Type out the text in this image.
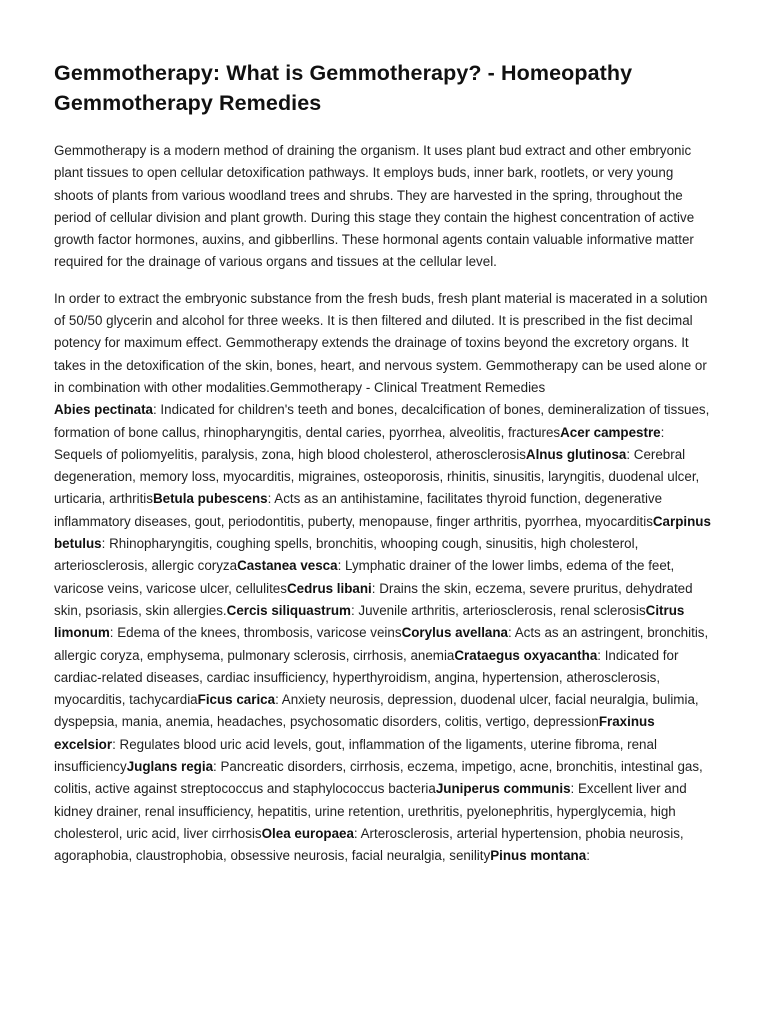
Gemmotherapy: What is Gemmotherapy? - Homeopathy Gemmotherapy Remedies

Gemmotherapy is a modern method of draining the organism. It uses plant bud extract and other embryonic plant tissues to open cellular detoxification pathways. It employs buds, inner bark, rootlets, or very young shoots of plants from various woodland trees and shrubs. They are harvested in the spring, throughout the period of cellular division and plant growth. During this stage they contain the highest concentration of active growth factor hormones, auxins, and gibberllins. These hormonal agents contain valuable informative matter required for the drainage of various organs and tissues at the cellular level.

In order to extract the embryonic substance from the fresh buds, fresh plant material is macerated in a solution of 50/50 glycerin and alcohol for three weeks. It is then filtered and diluted. It is prescribed in the fist decimal potency for maximum effect. Gemmotherapy extends the drainage of toxins beyond the excretory organs. It takes in the detoxification of the skin, bones, heart, and nervous system. Gemmotherapy can be used alone or in combination with other modalities.Gemmotherapy - Clinical Treatment Remedies

Abies pectinata: Indicated for children's teeth and bones, decalcification of bones, demineralization of tissues, formation of bone callus, rhinopharyngitis, dental caries, pyorrhea, alveolitis, fracturesAcer campestre: Sequels of poliomyelitis, paralysis, zona, high blood cholesterol, atherosclerosisAlnus glutinosa: Cerebral degeneration, memory loss, myocarditis, migraines, osteoporosis, rhinitis, sinusitis, laryngitis, duodenal ulcer, urticaria, arthritisBetula pubescens: Acts as an antihistamine, facilitates thyroid function, degenerative inflammatory diseases, gout, periodontitis, puberty, menopause, finger arthritis, pyorrhea, myocarditisCarpinus betulus: Rhinopharyngitis, coughing spells, bronchitis, whooping cough, sinusitis, high cholesterol, arteriosclerosis, allergic coryzaCastanea vesca: Lymphatic drainer of the lower limbs, edema of the feet, varicose veins, varicose ulcer, cellulitesCedrus libani: Drains the skin, eczema, severe pruritus, dehydrated skin, psoriasis, skin allergies.Cercis siliquastrum: Juvenile arthritis, arteriosclerosis, renal sclerosisCitrus limonum: Edema of the knees, thrombosis, varicose veinsCorylus avellana: Acts as an astringent, bronchitis, allergic coryza, emphysema, pulmonary sclerosis, cirrhosis, anemiaCrataegus oxyacantha: Indicated for cardiac-related diseases, cardiac insufficiency, hyperthyroidism, angina, hypertension, atherosclerosis, myocarditis, tachycardiaFicus carica: Anxiety neurosis, depression, duodenal ulcer, facial neuralgia, bulimia, dyspepsia, mania, anemia, headaches, psychosomatic disorders, colitis, vertigo, depressionFraxinus excelsior: Regulates blood uric acid levels, gout, inflammation of the ligaments, uterine fibroma, renal insufficiencyJuglans regia: Pancreatic disorders, cirrhosis, eczema, impetigo, acne, bronchitis, intestinal gas, colitis, active against streptococcus and staphylococcus bacteriaJuniperus communis: Excellent liver and kidney drainer, renal insufficiency, hepatitis, urine retention, urethritis, pyelonephritis, hyperglycemia, high cholesterol, uric acid, liver cirrhosisOlea europaea: Arterosclerosis, arterial hypertension, phobia neurosis, agoraphobia, claustrophobia, obsessive neurosis, facial neuralgia, senilityPinus montana:
